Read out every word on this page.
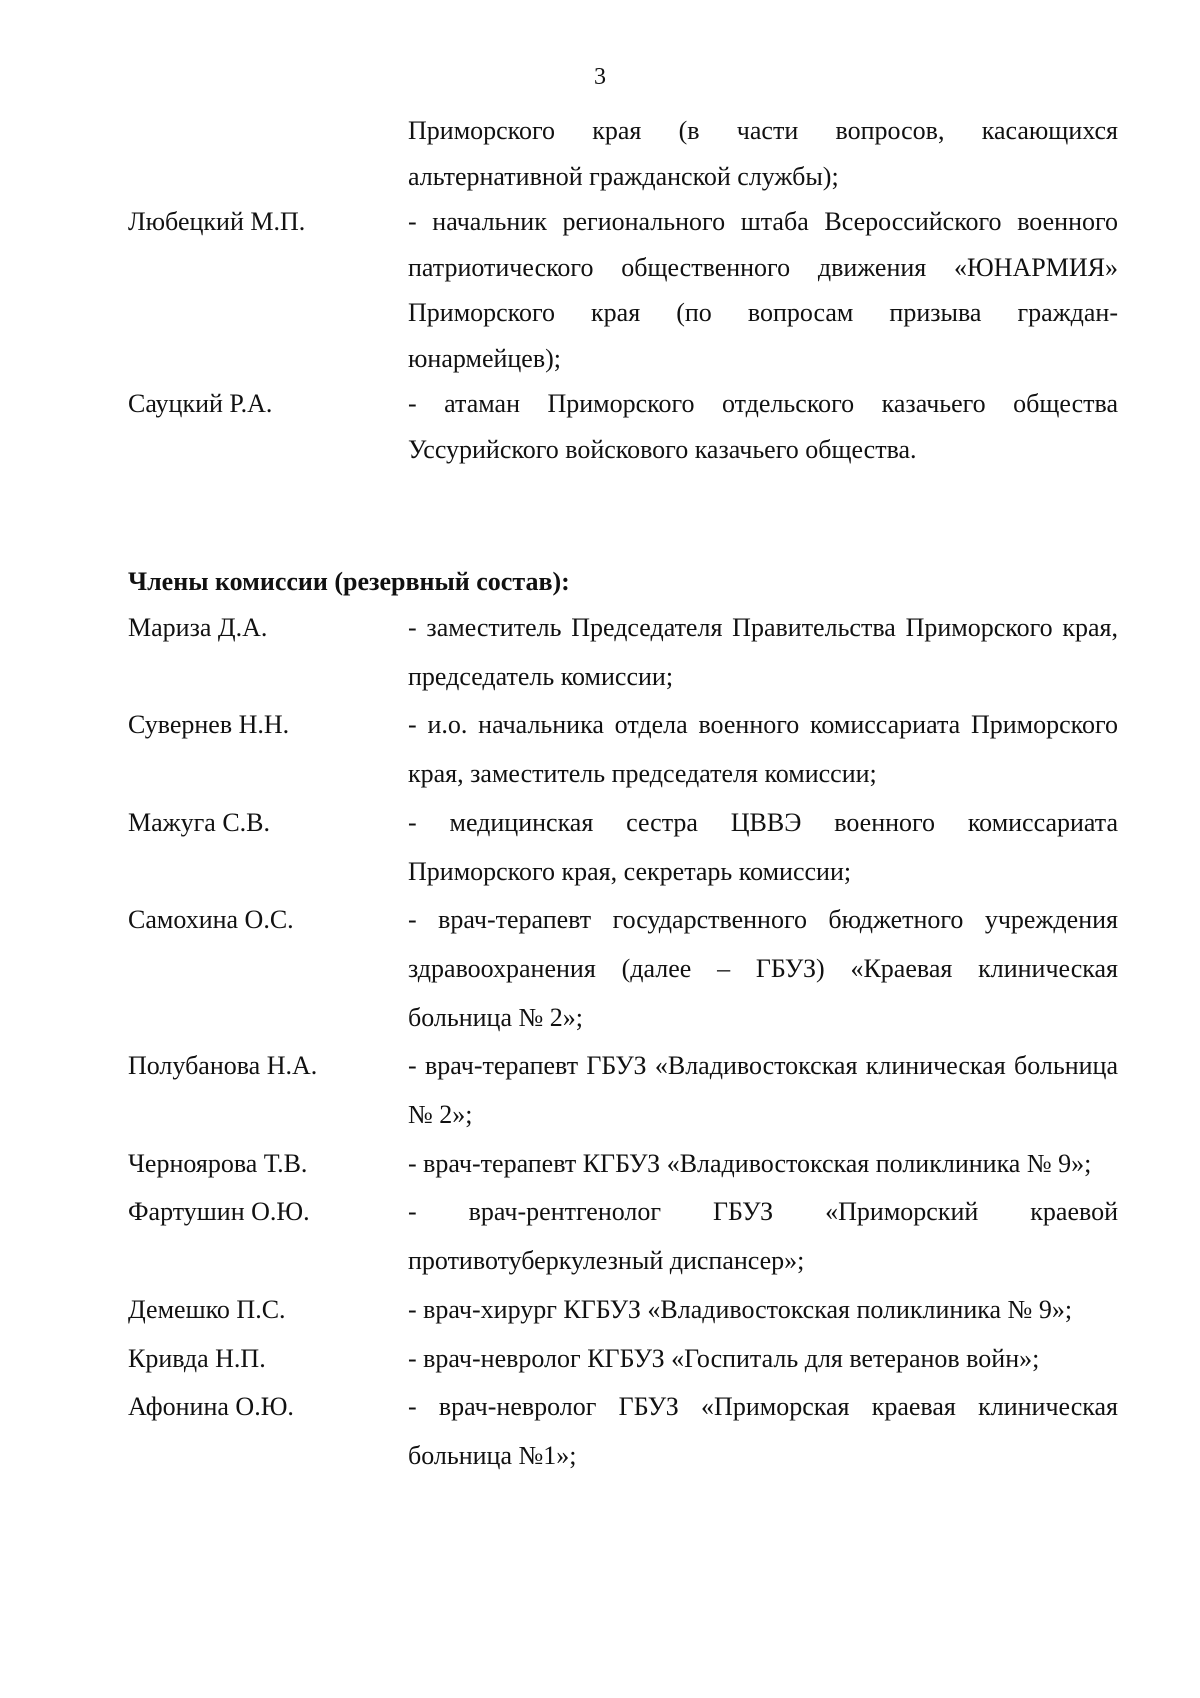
3
Приморского края (в части вопросов, касающихся альтернативной гражданской службы);
Любецкий М.П.	- начальник регионального штаба Всероссийского военного патриотического общественного движения «ЮНАРМИЯ» Приморского края (по вопросам призыва граждан-юнармейцев);
Сауцкий Р.А.	- атаман Приморского отдельского казачьего общества Уссурийского войскового казачьего общества.
Члены комиссии (резервный состав):
Мариза Д.А.	- заместитель Председателя Правительства Приморского края, председатель комиссии;
Сувернев Н.Н.	- и.о. начальника отдела военного комиссариата Приморского края, заместитель председателя комиссии;
Мажуга С.В.	- медицинская сестра ЦВВЭ военного комиссариата Приморского края, секретарь комиссии;
Самохина О.С.	- врач-терапевт государственного бюджетного учреждения здравоохранения (далее – ГБУЗ) «Краевая клиническая больница № 2»;
Полубанова Н.А.	- врач-терапевт ГБУЗ «Владивостокская клиническая больница № 2»;
Черноярова Т.В.	- врач-терапевт КГБУЗ «Владивостокская поликлиника № 9»;
Фартушин О.Ю.	- врач-рентгенолог ГБУЗ «Приморский краевой противотуберкулезный диспансер»;
Демешко П.С.	- врач-хирург КГБУЗ «Владивостокская поликлиника № 9»;
Кривда Н.П.	- врач-невролог КГБУЗ «Госпиталь для ветеранов войн»;
Афонина О.Ю.	- врач-невролог ГБУЗ «Приморская краевая клиническая больница №1»;
